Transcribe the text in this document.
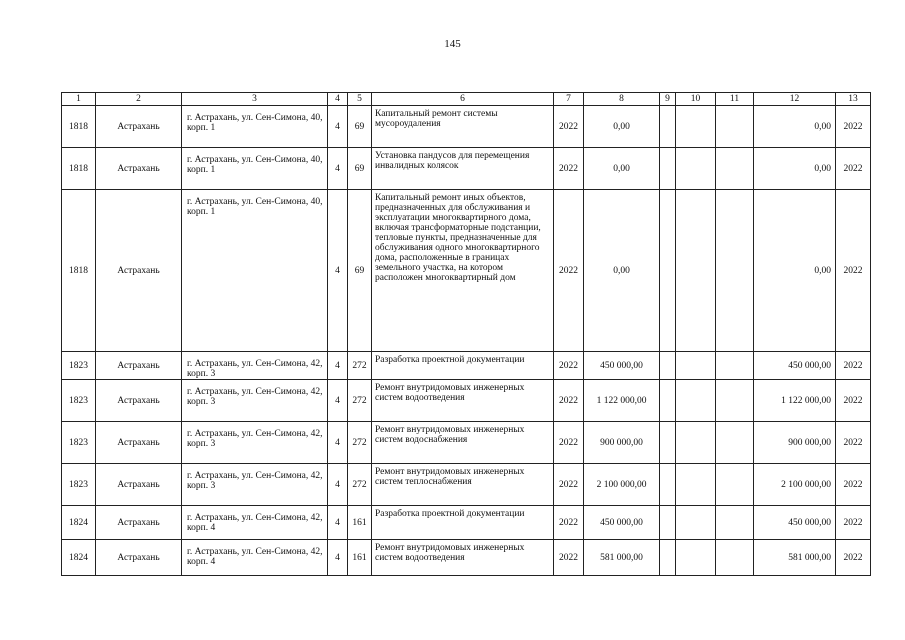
145
1	2	3	4	5	6	7	8	9	10	11	12	13
1818	Астрахань	г. Астрахань, ул. Сен-Симона, 40, корп. 1	4	69	Капитальный ремонт системы мусороудаления	2022	0,00				0,00	2022
1818	Астрахань	г. Астрахань, ул. Сен-Симона, 40, корп. 1	4	69	Установка пандусов для перемещения инвалидных колясок	2022	0,00				0,00	2022
1818	Астрахань	г. Астрахань, ул. Сен-Симона, 40, корп. 1	4	69	Капитальный ремонт иных объектов, предназначенных для обслуживания и эксплуатации многоквартирного дома, включая трансформаторные подстанции, тепловые пункты, предназначенные для обслуживания одного многоквартирного дома, расположенные в границах земельного участка, на котором расположен многоквартирный дом	2022	0,00				0,00	2022
1823	Астрахань	г. Астрахань, ул. Сен-Симона, 42, корп. 3	4	272	Разработка проектной документации	2022	450 000,00				450 000,00	2022
1823	Астрахань	г. Астрахань, ул. Сен-Симона, 42, корп. 3	4	272	Ремонт внутридомовых инженерных систем водоотведения	2022	1 122 000,00				1 122 000,00	2022
1823	Астрахань	г. Астрахань, ул. Сен-Симона, 42, корп. 3	4	272	Ремонт внутридомовых инженерных систем водоснабжения	2022	900 000,00				900 000,00	2022
1823	Астрахань	г. Астрахань, ул. Сен-Симона, 42, корп. 3	4	272	Ремонт внутридомовых инженерных систем теплоснабжения	2022	2 100 000,00				2 100 000,00	2022
1824	Астрахань	г. Астрахань, ул. Сен-Симона, 42, корп. 4	4	161	Разработка проектной документации	2022	450 000,00				450 000,00	2022
1824	Астрахань	г. Астрахань, ул. Сен-Симона, 42, корп. 4	4	161	Ремонт внутридомовых инженерных систем водоотведения	2022	581 000,00				581 000,00	2022
